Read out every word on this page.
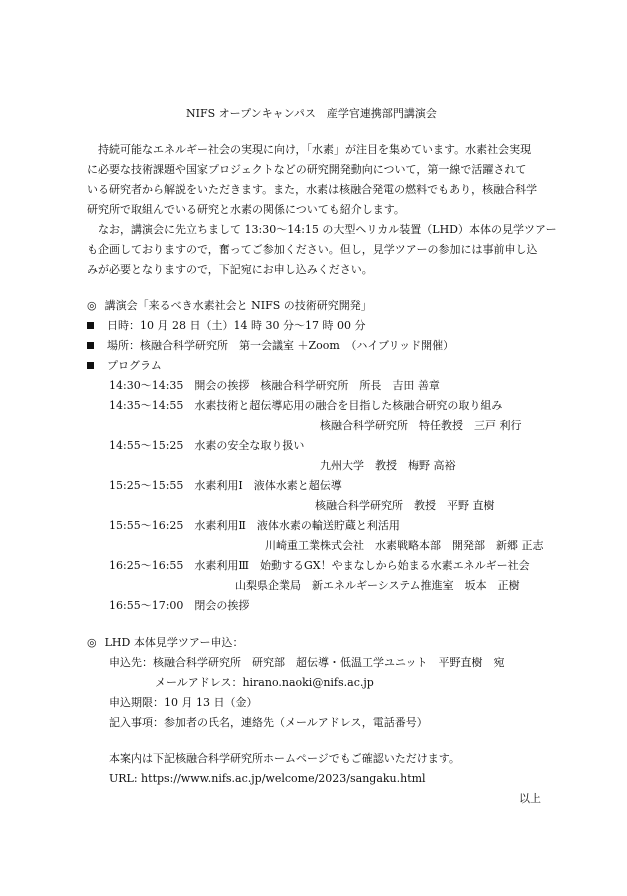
NIFS オープンキャンパス　産学官連携部門講演会
　持続可能なエネルギー社会の実現に向け，「水素」が注目を集めています。水素社会実現
に必要な技術課題や国家プロジェクトなどの研究開発動向について，第一線で活躍されて
いる研究者から解説をいただきます。また，水素は核融合発電の燃料でもあり，核融合科学
研究所で取組んでいる研究と水素の関係についても紹介します。
　なお，講演会に先立ちまして 13:30〜14:15 の大型ヘリカル装置（LHD）本体の見学ツアー
も企画しておりますので，奮ってご参加ください。但し，見学ツアーの参加には事前申し込
みが必要となりますので，下記宛にお申し込みください。
◎ 講演会「来るべき水素社会と NIFS の技術研究開発」
日時：10 月 28 日（土）14 時 30 分〜17 時 00 分
場所：核融合科学研究所　第一会議室 ＋Zoom　（ハイブリッド開催）
プログラム
14:30〜14:35　開会の挨拶　核融合科学研究所　所長　吉田 善章
14:35〜14:55　水素技術と超伝導応用の融合を目指した核融合研究の取り組み
核融合科学研究所　特任教授　三戸 利行
14:55〜15:25　水素の安全な取り扱い
九州大学　教授　梅野 高裕
15:25〜15:55　水素利用Ⅰ　液体水素と超伝導
核融合科学研究所　教授　平野 直樹
15:55〜16:25　水素利用Ⅱ　液体水素の輸送貯蔵と利活用
川崎重工業株式会社　水素戦略本部　開発部　新郷 正志
16:25〜16:55　水素利用Ⅲ　始動するGX！やまなしから始まる水素エネルギー社会
山梨県企業局　新エネルギーシステム推進室　坂本　正樹
16:55〜17:00　閉会の挨拶
◎ LHD 本体見学ツアー申込：
申込先：核融合科学研究所　研究部　超伝導・低温工学ユニット　平野直樹　宛
メールアドレス：hirano.naoki@nifs.ac.jp
申込期限：10 月 13 日（金）
記入事項：参加者の氏名，連絡先（メールアドレス，電話番号）
本案内は下記核融合科学研究所ホームページでもご確認いただけます。
URL: https://www.nifs.ac.jp/welcome/2023/sangaku.html
以上
